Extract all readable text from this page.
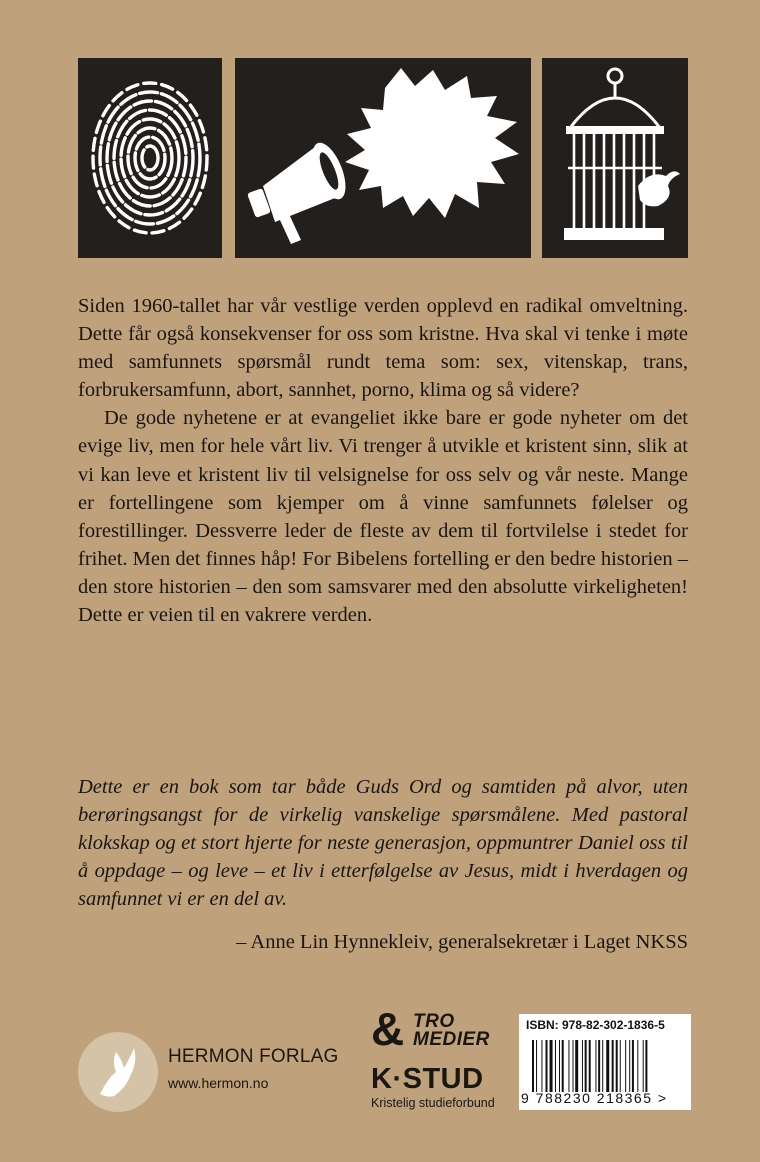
Siden 1960-tallet har vår vestlige verden opplevd en radikal omveltning. Dette får også konsekvenser for oss som kristne. Hva skal vi tenke i møte med samfunnets spørsmål rundt tema som: sex, vitenskap, trans, forbrukersamfunn, abort, sannhet, porno, klima og så videre?

De gode nyhetene er at evangeliet ikke bare er gode nyheter om det evige liv, men for hele vårt liv. Vi trenger å utvikle et kristent sinn, slik at vi kan leve et kristent liv til velsignelse for oss selv og vår neste. Mange er fortellingene som kjemper om å vinne samfunnets følelser og forestillinger. Dessverre leder de fleste av dem til fortvilelse i stedet for frihet. Men det finnes håp! For Bibelens fortelling er den bedre historien – den store historien – den som samsvarer med den absolutte virkeligheten! Dette er veien til en vakrere verden.

Dette er en bok som tar både Guds Ord og samtiden på alvor, uten berøringsangst for de virkelig vanskelige spørsmålene. Med pastoral klokskap og et stort hjerte for neste generasjon, oppmuntrer Daniel oss til å oppdage – og leve – et liv i etterfølgelse av Jesus, midt i hverdagen og samfunnet vi er en del av.

– Anne Lin Hynnekleiv, generalsekretær i Laget NKSS
HERMON FORLAG
www.hermon.no
& TRO
MEDIER
K·STUD
Kristelig studieforbund
ISBN: 978-82-302-1836-5
9 788230 218365 >
